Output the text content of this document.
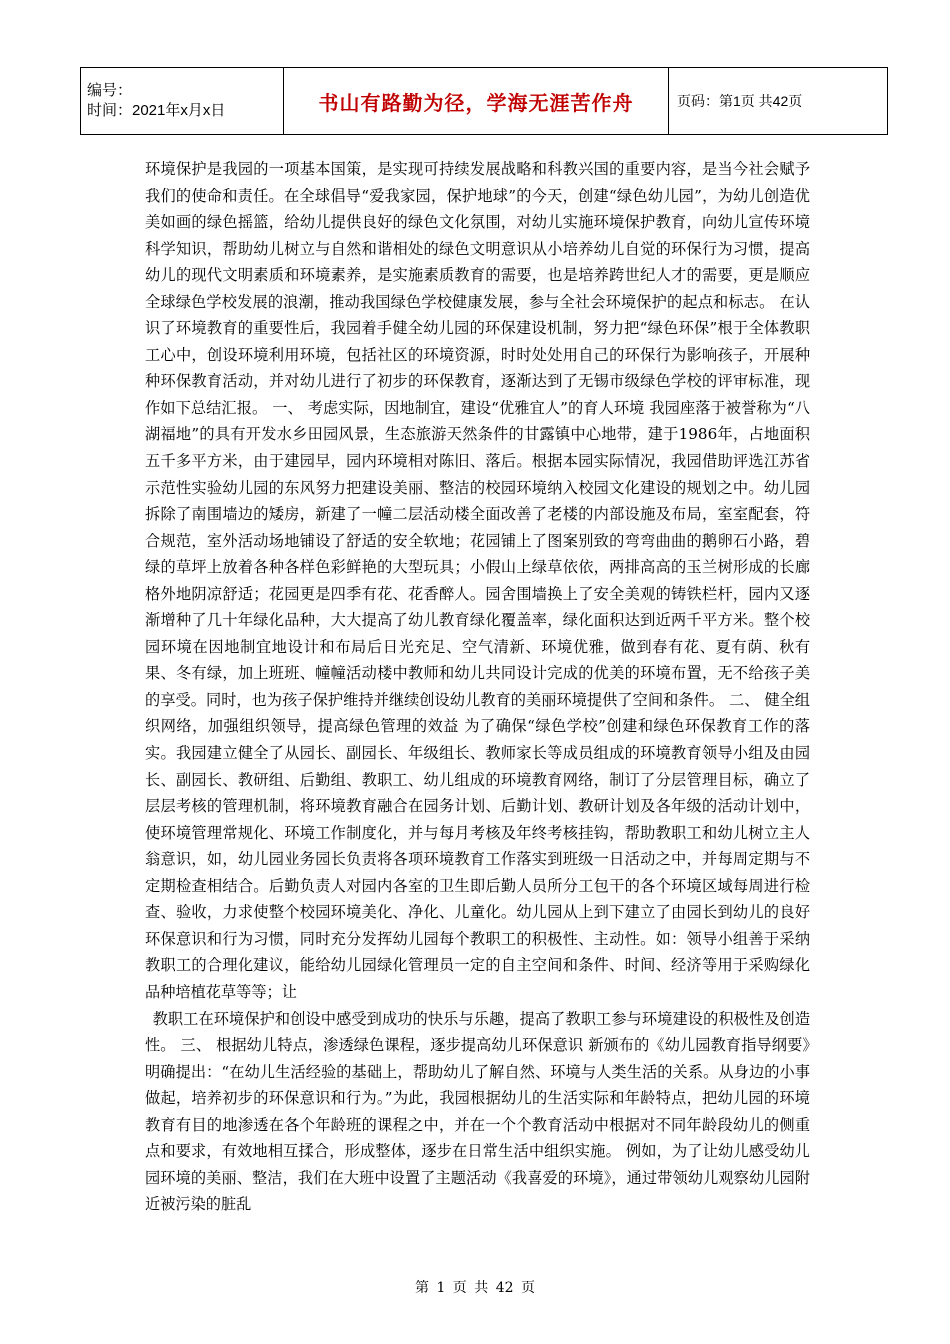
编号：
时间：2021年x月x日	书山有路勤为径，学海无涯苦作舟	页码：第1页 共42页

环境保护是我园的一项基本国策，是实现可持续发展战略和科教兴国的重要内容，是当今社会赋予我们的使命和责任。在全球倡导“爱我家园，保护地球”的今天，创建“绿色幼儿园”，为幼儿创造优美如画的绿色摇篮，给幼儿提供良好的绿色文化氛围，对幼儿实施环境保护教育，向幼儿宣传环境科学知识，帮助幼儿树立与自然和谐相处的绿色文明意识从小培养幼儿自觉的环保行为习惯，提高幼儿的现代文明素质和环境素养，是实施素质教育的需要，也是培养跨世纪人才的需要，更是顺应全球绿色学校发展的浪潮，推动我国绿色学校健康发展，参与全社会环境保护的起点和标志。 在认识了环境教育的重要性后，我园着手健全幼儿园的环保建设机制，努力把“绿色环保”根于全体教职工心中，创设环境利用环境，包括社区的环境资源，时时处处用自己的环保行为影响孩子，开展种种环保教育活动，并对幼儿进行了初步的环保教育，逐渐达到了无锡市级绿色学校的评审标准，现作如下总结汇报。 一、 考虑实际，因地制宜，建设“优雅宜人”的育人环境 我园座落于被誉称为“八湖福地”的具有开发水乡田园风景，生态旅游天然条件的甘露镇中心地带，建于1986年，占地面积五千多平方米，由于建园早，园内环境相对陈旧、落后。根据本园实际情况，我园借助评选江苏省示范性实验幼儿园的东风努力把建设美丽、整洁的校园环境纳入校园文化建设的规划之中。幼儿园拆除了南围墙边的矮房，新建了一幢二层活动楼全面改善了老楼的内部设施及布局，室室配套，符合规范，室外活动场地铺设了舒适的安全软地；花园铺上了图案别致的弯弯曲曲的鹅卵石小路，碧绿的草坪上放着各种各样色彩鲜艳的大型玩具；小假山上绿草依依，两排高高的玉兰树形成的长廊格外地阴凉舒适；花园更是四季有花、花香醉人。园舍围墙换上了安全美观的铸铁栏杆，园内又逐渐增种了几十年绿化品种，大大提高了幼儿教育绿化覆盖率，绿化面积达到近两千平方米。整个校园环境在因地制宜地设计和布局后日光充足、空气清新、环境优雅，做到春有花、夏有荫、秋有果、冬有绿，加上班班、幢幢活动楼中教师和幼儿共同设计完成的优美的环境布置，无不给孩子美的享受。同时，也为孩子保护维持并继续创设幼儿教育的美丽环境提供了空间和条件。 二、 健全组织网络，加强组织领导，提高绿色管理的效益 为了确保“绿色学校”创建和绿色环保教育工作的落实。我园建立健全了从园长、副园长、年级组长、教师家长等成员组成的环境教育领导小组及由园长、副园长、教研组、后勤组、教职工、幼儿组成的环境教育网络，制订了分层管理目标，确立了层层考核的管理机制，将环境教育融合在园务计划、后勤计划、教研计划及各年级的活动计划中，使环境管理常规化、环境工作制度化，并与每月考核及年终考核挂钩，帮助教职工和幼儿树立主人翁意识，如，幼儿园业务园长负责将各项环境教育工作落实到班级一日活动之中，并每周定期与不定期检查相结合。后勤负责人对园内各室的卫生即后勤人员所分工包干的各个环境区域每周进行检查、验收，力求使整个校园环境美化、净化、儿童化。幼儿园从上到下建立了由园长到幼儿的良好环保意识和行为习惯，同时充分发挥幼儿园每个教职工的积极性、主动性。如：领导小组善于采纳教职工的合理化建议，能给幼儿园绿化管理员一定的自主空间和条件、时间、经济等用于采购绿化品种培植花草等等；让

教职工在环境保护和创设中感受到成功的快乐与乐趣，提高了教职工参与环境建设的积极性及创造性。 三、 根据幼儿特点，渗透绿色课程，逐步提高幼儿环保意识 新颁布的《幼儿园教育指导纲要》明确提出：“在幼儿生活经验的基础上，帮助幼儿了解自然、环境与人类生活的关系。从身边的小事做起，培养初步的环保意识和行为。”为此，我园根据幼儿的生活实际和年龄特点，把幼儿园的环境教育有目的地渗透在各个年龄班的课程之中，并在一个个教育活动中根据对不同年龄段幼儿的侧重点和要求，有效地相互揉合，形成整体，逐步在日常生活中组织实施。 例如，为了让幼儿感受幼儿园环境的美丽、整洁，我们在大班中设置了主题活动《我喜爱的环境》，通过带领幼儿观察幼儿园附近被污染的脏乱

第 1 页 共 42 页
